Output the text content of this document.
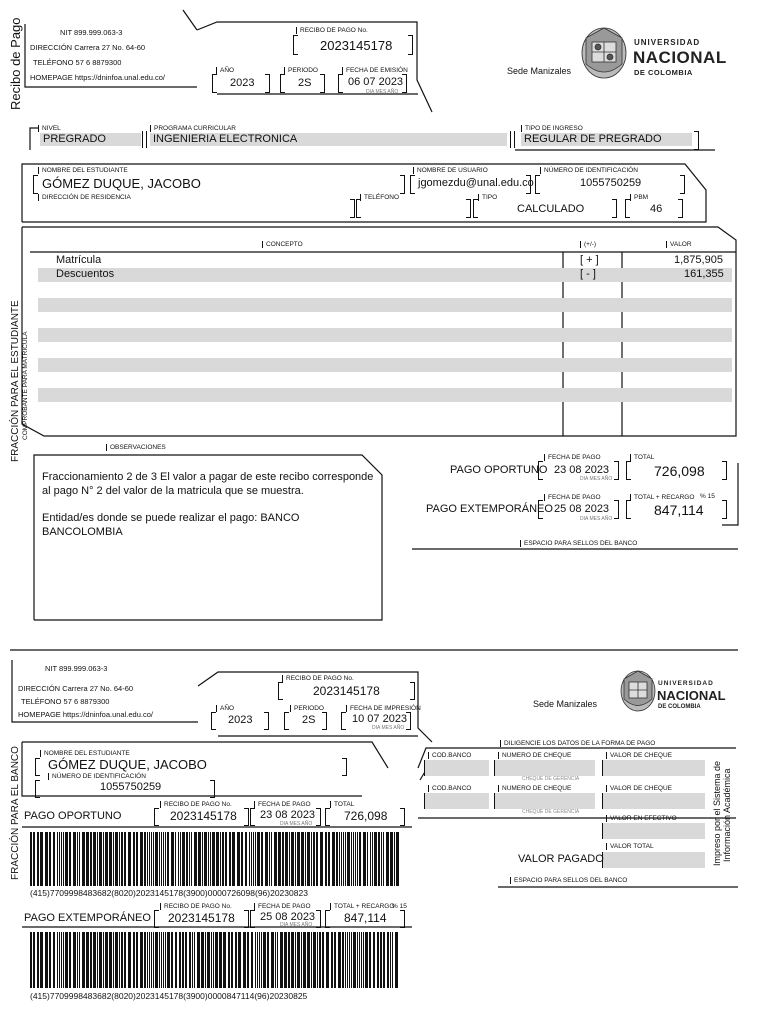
Recibo de Pago	NIT 899.999.063-3
DIRECCIÓN Carrera 27 No. 64-60
TELÉFONO 57 6 8879300
HOMEPAGE https://dninfoa.unal.edu.co/
RECIBO DE PAGO No.
2023145178
AÑO
2023
PERIODO
2S
FECHA DE EMISIÓN
06 07 2023
DIA MES AÑO
Sede Manizales
UNIVERSIDAD
NACIONAL
DE COLOMBIA
NIVEL
PREGRADO
PROGRAMA CURRICULAR
INGENIERIA ELECTRONICA
TIPO DE INGRESO
REGULAR DE PREGRADO
NOMBRE DEL ESTUDIANTE
GÓMEZ DUQUE, JACOBO
NOMBRE DE USUARIO
jgomezdu@unal.edu.co
NÚMERO DE IDENTIFICACIÓN
1055750259
DIRECCIÓN DE RESIDENCIA	TELÉFONO	TIPO
CALCULADO
PBM
46
CONCEPTO	(+/-)	VALOR
Matrícula	[ + ]	1,875,905
Descuentos	[ - ]	161,355
FRACCIÓN PARA EL ESTUDIANTE COMPROBANTE PARA MATRICULA
OBSERVACIONES
Fraccionamiento 2 de 3 El valor a pagar de este recibo corresponde al pago N° 2 del valor de la matricula que se muestra.
Entidad/es donde se puede realizar el pago: BANCO BANCOLOMBIA
PAGO OPORTUNO
FECHA DE PAGO
23 08 2023
DIA MES AÑO
TOTAL
726,098
PAGO EXTEMPORÁNEO
FECHA DE PAGO
25 08 2023
DIA MES AÑO
TOTAL + RECARGO % 15
847,114
ESPACIO PARA SELLOS DEL BANCO
NIT 899.999.063-3
DIRECCIÓN Carrera 27 No. 64-60
TELÉFONO 57 6 8879300
HOMEPAGE https://dninfoa.unal.edu.co/
RECIBO DE PAGO No.
2023145178
AÑO
2023
PERIODO
2S
FECHA DE IMPRESIÓN
10 07 2023
DIA MES AÑO
Sede Manizales
UNIVERSIDAD
NACIONAL
DE COLOMBIA
FRACCIÓN PARA EL BANCO	NOMBRE DEL ESTUDIANTE
GÓMEZ DUQUE, JACOBO
NÚMERO DE IDENTIFICACIÓN
1055750259
DILIGENCIE LOS DATOS DE LA FORMA DE PAGO
COD.BANCO	NUMERO DE CHEQUE
CHEQUE DE GERENCIA
VALOR DE CHEQUE
COD.BANCO	NUMERO DE CHEQUE
CHEQUE DE GERENCIA
VALOR DE CHEQUE
VALOR EN EFECTIVO
VALOR TOTAL
VALOR PAGADO
ESPACIO PARA SELLOS DEL BANCO
Impreso por el Sistema de Información Académica
PAGO OPORTUNO
RECIBO DE PAGO No.
2023145178
FECHA DE PAGO
23 08 2023
DIA MES AÑO
TOTAL
726,098
(415)7709998483682(8020)2023145178(3900)0000726098(96)20230823
PAGO EXTEMPORÁNEO
RECIBO DE PAGO No.
2023145178
FECHA DE PAGO
25 08 2023
DIA MES AÑO
TOTAL + RECARGO
% 15
847,114
(415)7709998483682(8020)2023145178(3900)0000847114(96)20230825
